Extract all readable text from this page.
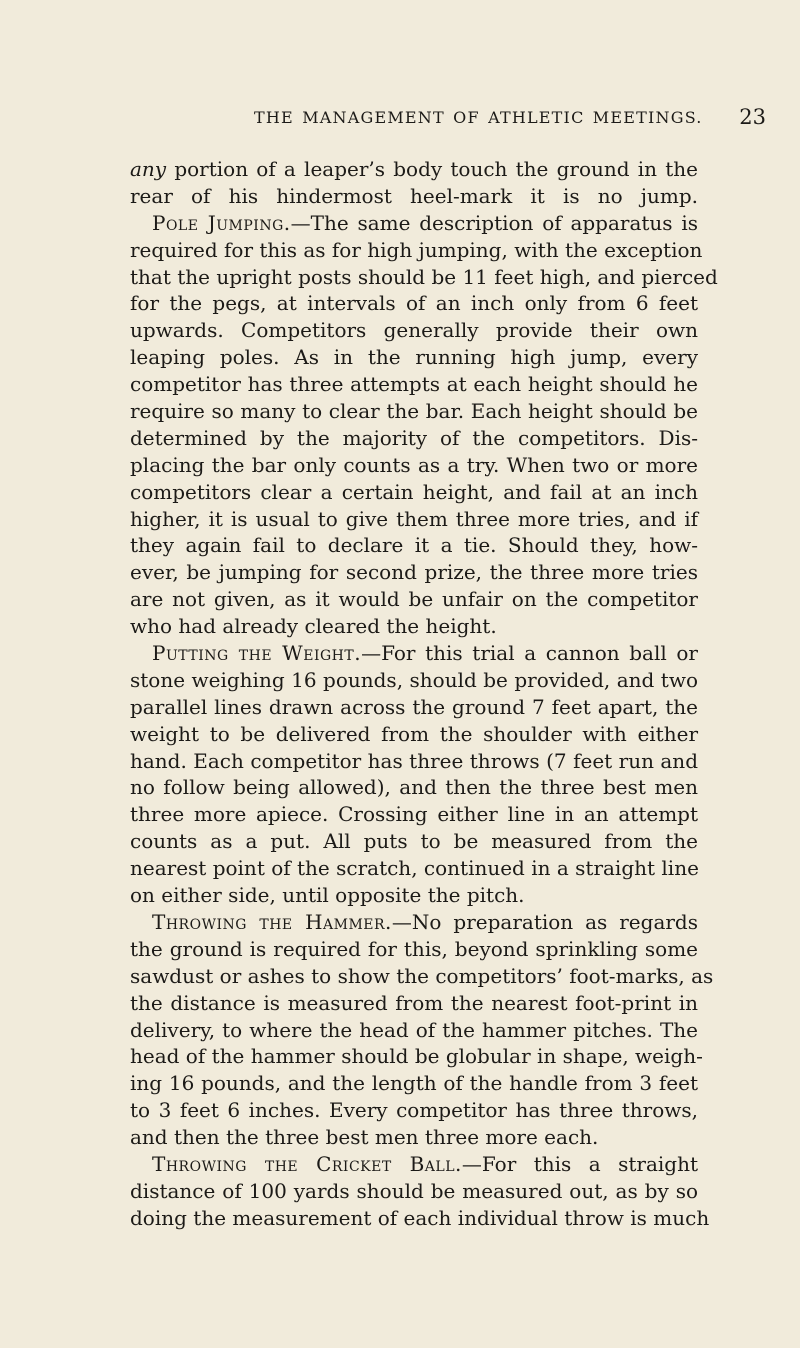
THE MANAGEMENT OF ATHLETIC MEETINGS. 23
any portion of a leaper’s body touch the ground in the
rear of his hindermost heel-mark it is no jump.
Pole Jumping.—The same description of apparatus is
required for this as for high jumping, with the exception
that the upright posts should be 11 feet high, and pierced
for the pegs, at intervals of an inch only from 6 feet
upwards. Competitors generally provide their own
leaping poles. As in the running high jump, every
competitor has three attempts at each height should he
require so many to clear the bar. Each height should be
determined by the majority of the competitors. Dis-
placing the bar only counts as a try. When two or more
competitors clear a certain height, and fail at an inch
higher, it is usual to give them three more tries, and if
they again fail to declare it a tie. Should they, how-
ever, be jumping for second prize, the three more tries
are not given, as it would be unfair on the competitor
who had already cleared the height.
Putting the Weight.—For this trial a cannon ball or
stone weighing 16 pounds, should be provided, and two
parallel lines drawn across the ground 7 feet apart, the
weight to be delivered from the shoulder with either
hand. Each competitor has three throws (7 feet run and
no follow being allowed), and then the three best men
three more apiece. Crossing either line in an attempt
counts as a put. All puts to be measured from the
nearest point of the scratch, continued in a straight line
on either side, until opposite the pitch.
Throwing the Hammer.—No preparation as regards
the ground is required for this, beyond sprinkling some
sawdust or ashes to show the competitors’ foot-marks, as
the distance is measured from the nearest foot-print in
delivery, to where the head of the hammer pitches. The
head of the hammer should be globular in shape, weigh-
ing 16 pounds, and the length of the handle from 3 feet
to 3 feet 6 inches. Every competitor has three throws,
and then the three best men three more each.
Throwing the Cricket Ball.—For this a straight
distance of 100 yards should be measured out, as by so
doing the measurement of each individual throw is much
